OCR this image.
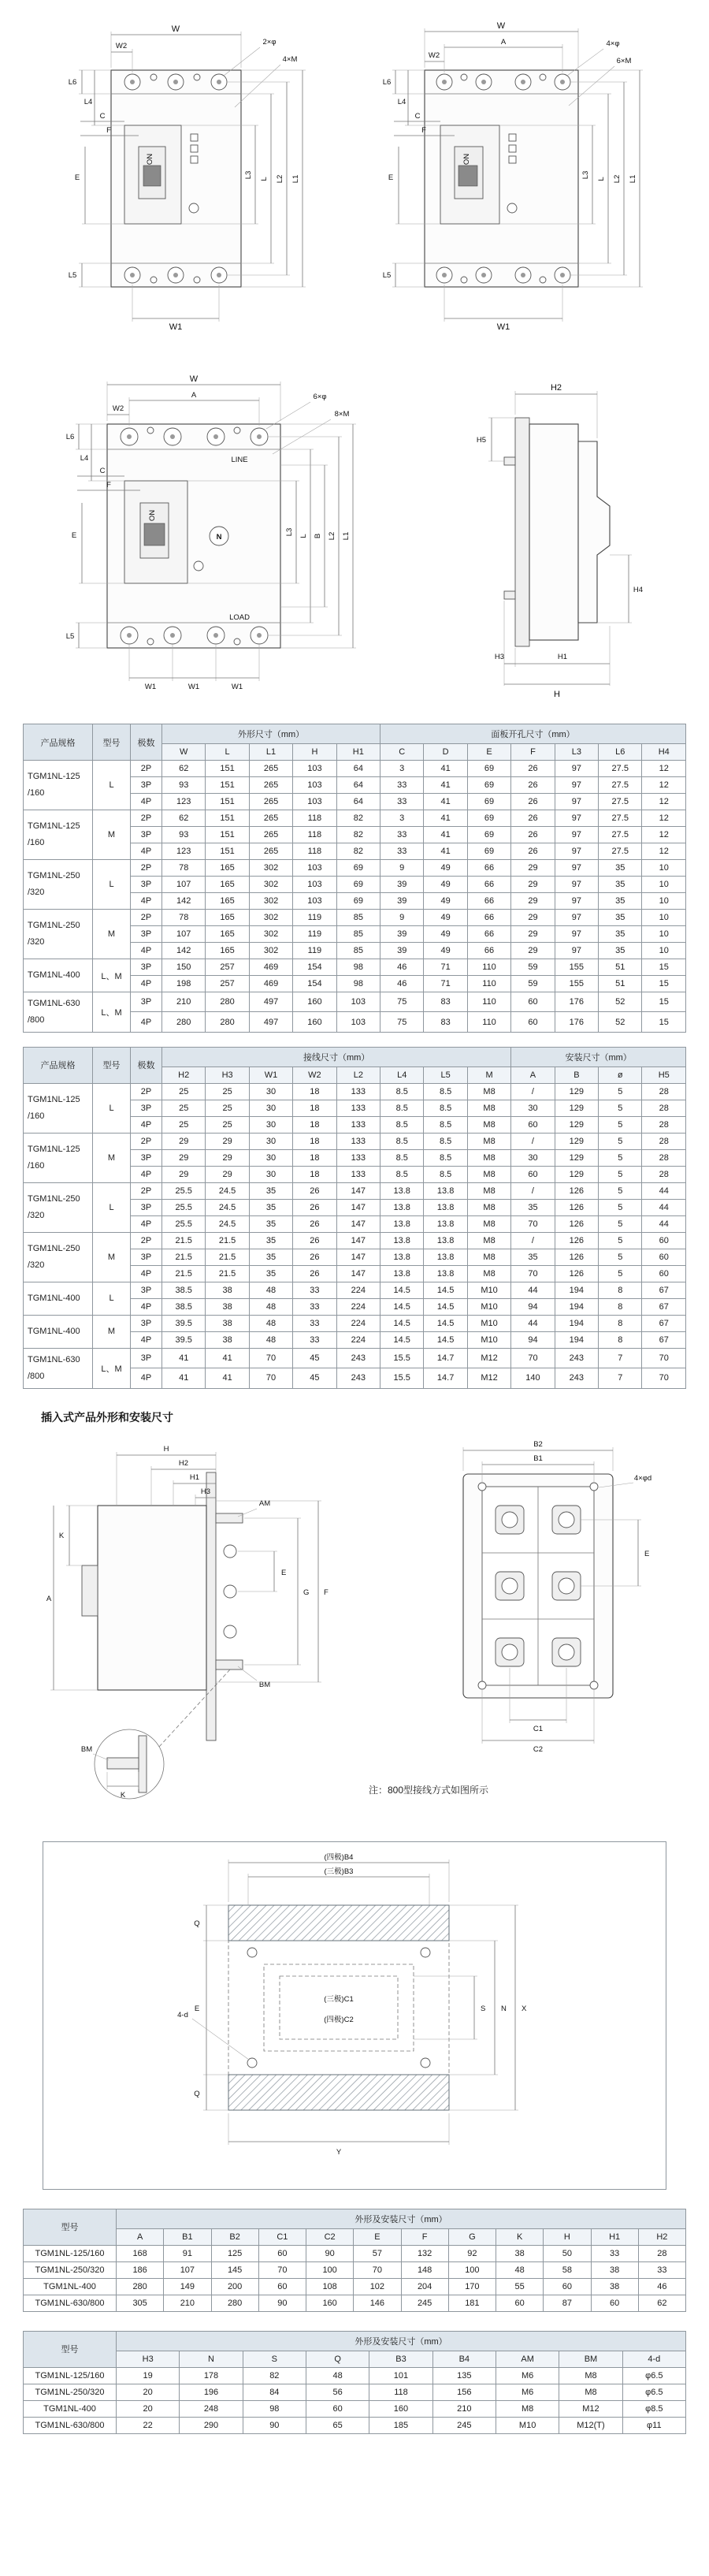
ON
W
W2	2×φ
4×M
L6
L4
C
F
E	L3 L L2 L1
L5
W1
ON
W
A
W2
4×φ
6×M
L6
L4
C
F
E	L3 L L2 L1
L5
W1
LINE
LOAD
ON
N
W
A
W2
6×φ
8×M
L6
L4
C
F
E	L3 L B L2 L1
L5
W1	W1	W1
H2
H5
H4
H3	H1
H
产品规格	型号	极数	外形尺寸（mm）					面板开孔尺寸（mm）						
			W	L	L1	H	H1	C	D	E	F	L3	L6	H4
TGM1NL-125
/160	L	2P	62	151	265	103	64	3	41	69	26	97	27.5	12
		3P	93	151	265	103	64	33	41	69	26	97	27.5	12
		4P	123	151	265	103	64	33	41	69	26	97	27.5	12
TGM1NL-125
/160	M	2P	62	151	265	118	82	3	41	69	26	97	27.5	12
		3P	93	151	265	118	82	33	41	69	26	97	27.5	12
		4P	123	151	265	118	82	33	41	69	26	97	27.5	12
TGM1NL-250
/320	L	2P	78	165	302	103	69	9	49	66	29	97	35	10
		3P	107	165	302	103	69	39	49	66	29	97	35	10
		4P	142	165	302	103	69	39	49	66	29	97	35	10
TGM1NL-250
/320	M	2P	78	165	302	119	85	9	49	66	29	97	35	10
		3P	107	165	302	119	85	39	49	66	29	97	35	10
		4P	142	165	302	119	85	39	49	66	29	97	35	10
TGM1NL-400	L、M	3P	150	257	469	154	98	46	71	110	59	155	51	15
		4P	198	257	469	154	98	46	71	110	59	155	51	15
TGM1NL-630
/800	L、M	3P	210	280	497	160	103	75	83	110	60	176	52	15
		4P	280	280	497	160	103	75	83	110	60	176	52	15
产品规格	型号	极数	接线尺寸（mm）								安装尺寸（mm）			
			H2	H3	W1	W2	L2	L4	L5	M	A	B	ø	H5
TGM1NL-125
/160	L	2P	25	25	30	18	133	8.5	8.5	M8	/	129	5	28
		3P	25	25	30	18	133	8.5	8.5	M8	30	129	5	28
		4P	25	25	30	18	133	8.5	8.5	M8	60	129	5	28
TGM1NL-125
/160	M	2P	29	29	30	18	133	8.5	8.5	M8	/	129	5	28
		3P	29	29	30	18	133	8.5	8.5	M8	30	129	5	28
		4P	29	29	30	18	133	8.5	8.5	M8	60	129	5	28
TGM1NL-250
/320	L	2P	25.5	24.5	35	26	147	13.8	13.8	M8	/	126	5	44
		3P	25.5	24.5	35	26	147	13.8	13.8	M8	35	126	5	44
		4P	25.5	24.5	35	26	147	13.8	13.8	M8	70	126	5	44
TGM1NL-250
/320	M	2P	21.5	21.5	35	26	147	13.8	13.8	M8	/	126	5	60
		3P	21.5	21.5	35	26	147	13.8	13.8	M8	35	126	5	60
		4P	21.5	21.5	35	26	147	13.8	13.8	M8	70	126	5	60
TGM1NL-400	L	3P	38.5	38	48	33	224	14.5	14.5	M10	44	194	8	67
		4P	38.5	38	48	33	224	14.5	14.5	M10	94	194	8	67
TGM1NL-400	M	3P	39.5	38	48	33	224	14.5	14.5	M10	44	194	8	67
		4P	39.5	38	48	33	224	14.5	14.5	M10	94	194	8	67
TGM1NL-630
/800	L、M	3P	41	41	70	45	243	15.5	14.7	M12	70	243	7	70
		4P	41	41	70	45	243	15.5	14.7	M12	140	243	7	70
插入式产品外形和安装尺寸
H
H2
H1
H3
K
A
AM
BM
E
G F
BM
K
B2
B1
4×φd
E
C1
C2
注：800型接线方式如图所示
(三极)C1
(四极)C2
(四极)B4
(三极)B3
Q
E
Q
4-d
S N X
Y
型号	外形及安装尺寸（mm）											
	A	B1	B2	C1	C2	E	F	G	K	H	H1	H2
TGM1NL-125/160	168	91	125	60	90	57	132	92	38	50	33	28
TGM1NL-250/320	186	107	145	70	100	70	148	100	48	58	38	33
TGM1NL-400	280	149	200	60	108	102	204	170	55	60	38	46
TGM1NL-630/800	305	210	280	90	160	146	245	181	60	87	60	62
型号	外形及安装尺寸（mm）								
	H3	N	S	Q	B3	B4	AM	BM	4-d
TGM1NL-125/160	19	178	82	48	101	135	M6	M8	φ6.5
TGM1NL-250/320	20	196	84	56	118	156	M6	M8	φ6.5
TGM1NL-400	20	248	98	60	160	210	M8	M12	φ8.5
TGM1NL-630/800	22	290	90	65	185	245	M10	M12(T)	φ11
